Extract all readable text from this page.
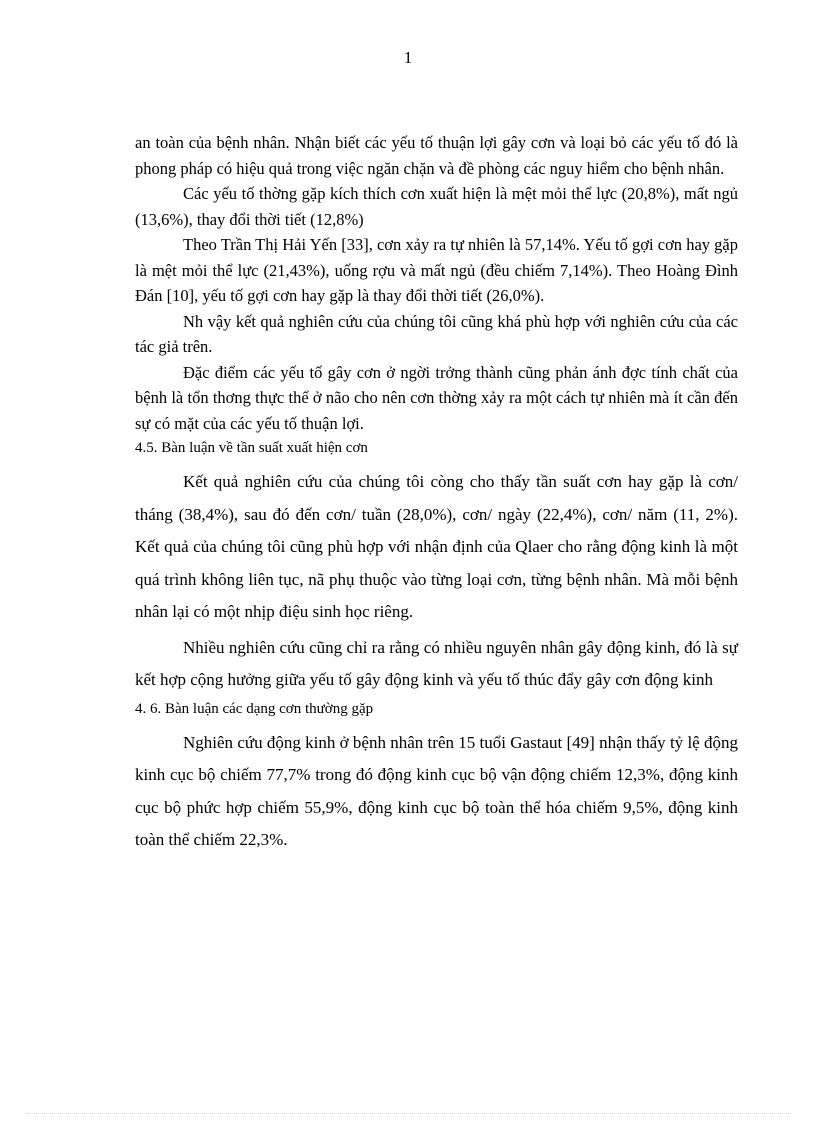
1

an toàn của bệnh nhân. Nhận biết các yếu tố thuận lợi gây cơn và loại bỏ các yếu tố đó là phong pháp có hiệu quả trong việc ngăn chặn và đề phòng các nguy hiểm cho bệnh nhân.

Các yếu tố thờng gặp kích thích cơn xuất hiện là mệt mỏi thể lực (20,8%), mất ngủ (13,6%), thay đổi thời tiết (12,8%)

Theo Trần Thị Hải Yến [33], cơn xảy ra tự nhiên là 57,14%. Yếu tố gợi cơn hay gặp là mệt mỏi thể lực (21,43%), uống rợu và mất ngủ (đều chiếm 7,14%). Theo Hoàng Đình Đán [10], yếu tố gợi cơn hay gặp là thay đổi thời tiết (26,0%).

Nh vậy kết quả nghiên cứu của chúng tôi cũng khá phù hợp với nghiên cứu của các tác giả trên.

Đặc điểm các yếu tố gây cơn ở ngời trởng thành cũng phản ánh đợc tính chất của bệnh là tổn thơng thực thể ở não cho nên cơn thờng xảy ra một cách tự nhiên mà ít cần đến sự có mặt của các yếu tố thuận lợi.

4.5. Bàn luận về tần suất xuất hiện cơn

Kết quả nghiên cứu của chúng tôi còng cho thấy tần suất cơn hay gặp là cơn/ tháng (38,4%), sau đó đến cơn/ tuần (28,0%), cơn/ ngày (22,4%), cơn/ năm (11, 2%). Kết quả của chúng tôi cũng phù hợp với nhận định của Qlaer cho rằng động kinh là một quá trình không liên tục, nã phụ thuộc vào từng loại cơn, từng bệnh nhân. Mà mỗi bệnh nhân lại có một nhịp điệu sinh học riêng.

Nhiều nghiên cứu cũng chỉ ra rằng có nhiều nguyên nhân gây động kinh, đó là sự kết hợp cộng hưởng giữa yếu tố gây động kinh và yếu tố thúc đẩy gây cơn động kinh

4. 6. Bàn luận các dạng cơn thường gặp

Nghiên cứu động kinh ở bệnh nhân trên 15 tuổi Gastaut [49] nhận thấy tỷ lệ động kinh cục bộ chiếm 77,7% trong đó động kinh cục bộ vận động chiếm 12,3%, động kinh cục bộ phức hợp chiếm 55,9%, động kinh cục bộ toàn thể hóa chiếm 9,5%, động kinh toàn thể chiếm 22,3%.
